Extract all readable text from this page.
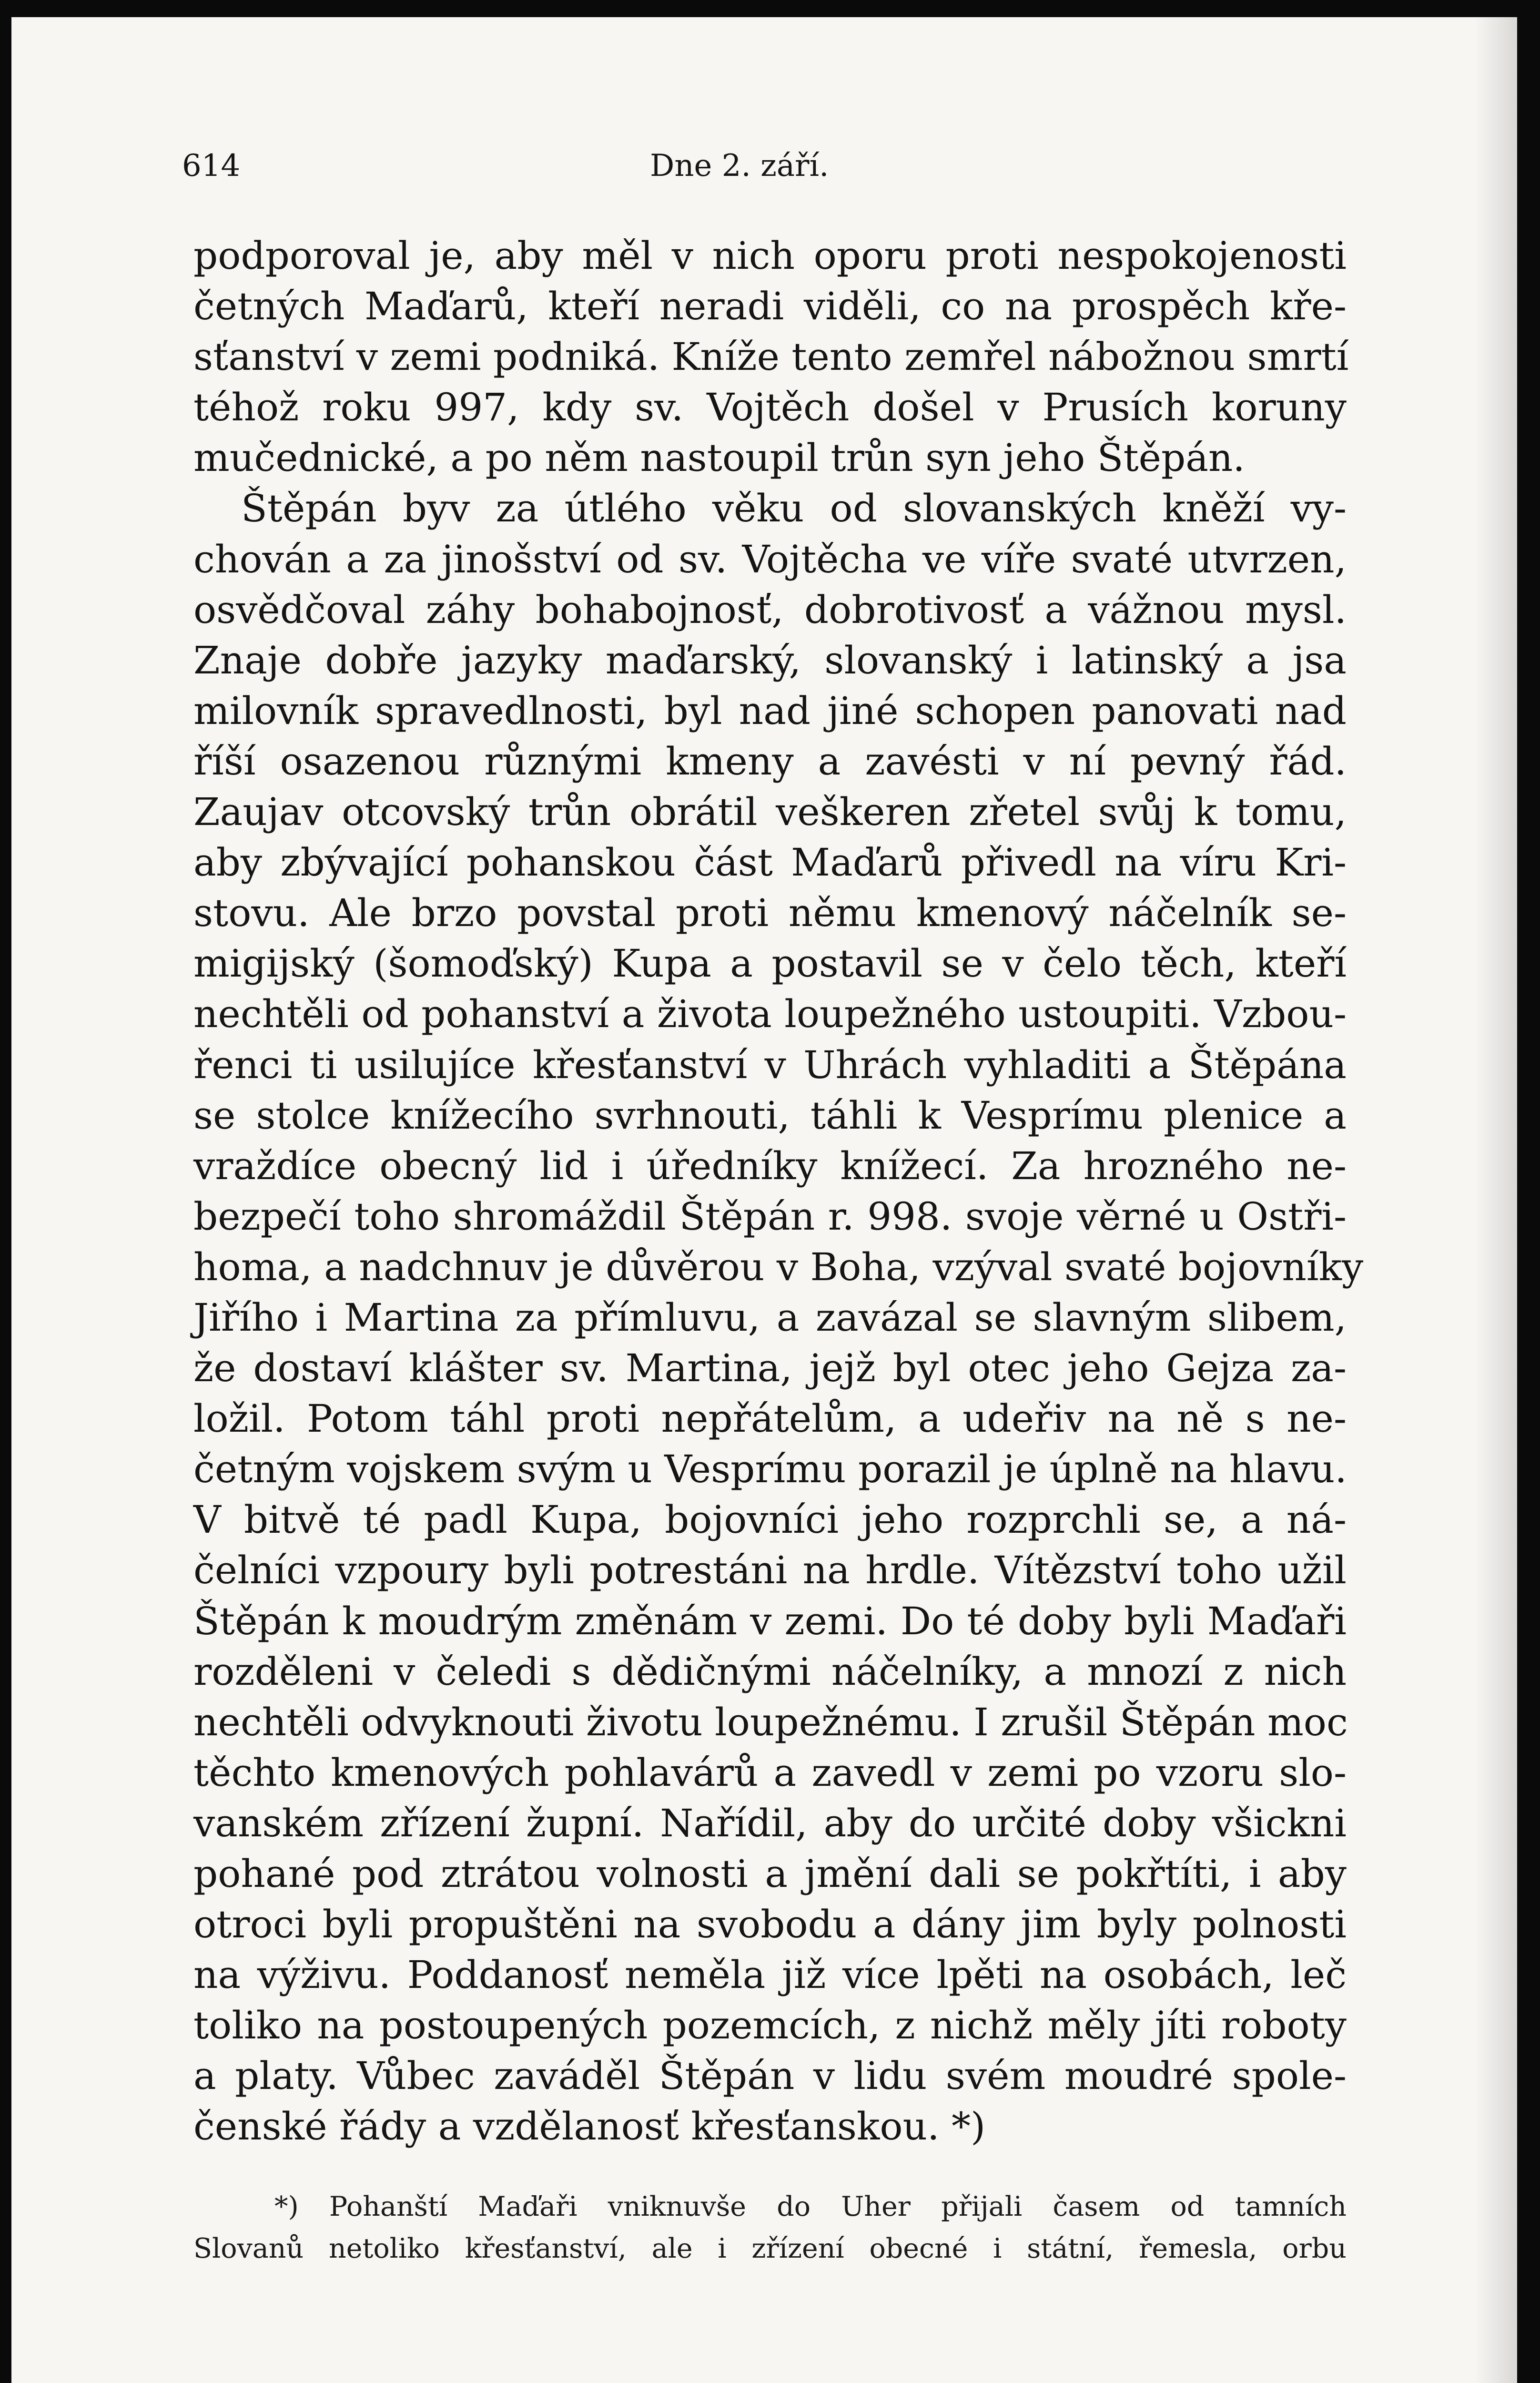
614	Dne 2. září.
podporoval je, aby měl v nich oporu proti nespokojenosti
četných Maďarů, kteří neradi viděli, co na prospěch kře-
sťanství v zemi podniká. Kníže tento zemřel nábožnou smrtí
téhož roku 997, kdy sv. Vojtěch došel v Prusích koruny
mučednické, a po něm nastoupil trůn syn jeho Štěpán.
Štěpán byv za útlého věku od slovanských kněží vy-
chován a za jinošství od sv. Vojtěcha ve víře svaté utvrzen,
osvědčoval záhy bohabojnosť, dobrotivosť a vážnou mysl.
Znaje dobře jazyky maďarský, slovanský i latinský a jsa
milovník spravedlnosti, byl nad jiné schopen panovati nad
říší osazenou různými kmeny a zavésti v ní pevný řád.
Zaujav otcovský trůn obrátil veškeren zřetel svůj k tomu,
aby zbývající pohanskou část Maďarů přivedl na víru Kri-
stovu. Ale brzo povstal proti němu kmenový náčelník se-
migijský (šomoďský) Kupa a postavil se v čelo těch, kteří
nechtěli od pohanství a života loupežného ustoupiti. Vzbou-
řenci ti usilujíce křesťanství v Uhrách vyhladiti a Štěpána
se stolce knížecího svrhnouti, táhli k Vesprímu plenice a
vraždíce obecný lid i úředníky knížecí. Za hrozného ne-
bezpečí toho shromáždil Štěpán r. 998. svoje věrné u Ostři-
homa, a nadchnuv je důvěrou v Boha, vzýval svaté bojovníky
Jiřího i Martina za přímluvu, a zavázal se slavným slibem,
že dostaví klášter sv. Martina, jejž byl otec jeho Gejza za-
ložil. Potom táhl proti nepřátelům, a udeřiv na ně s ne-
četným vojskem svým u Vesprímu porazil je úplně na hlavu.
V bitvě té padl Kupa, bojovníci jeho rozprchli se, a ná-
čelníci vzpoury byli potrestáni na hrdle. Vítězství toho užil
Štěpán k moudrým změnám v zemi. Do té doby byli Maďaři
rozděleni v čeledi s dědičnými náčelníky, a mnozí z nich
nechtěli odvyknouti životu loupežnému. I zrušil Štěpán moc
těchto kmenových pohlavárů a zavedl v zemi po vzoru slo-
vanském zřízení župní. Nařídil, aby do určité doby všickni
pohané pod ztrátou volnosti a jmění dali se pokřtíti, i aby
otroci byli propuštěni na svobodu a dány jim byly polnosti
na výživu. Poddanosť neměla již více lpěti na osobách, leč
toliko na postoupených pozemcích, z nichž měly jíti roboty
a platy. Vůbec zaváděl Štěpán v lidu svém moudré spole-
čenské řády a vzdělanosť křesťanskou. *)
*) Pohanští Maďaři vniknuvše do Uher přijali časem od tamních
Slovanů netoliko křesťanství, ale i zřízení obecné i státní, řemesla, orbu
